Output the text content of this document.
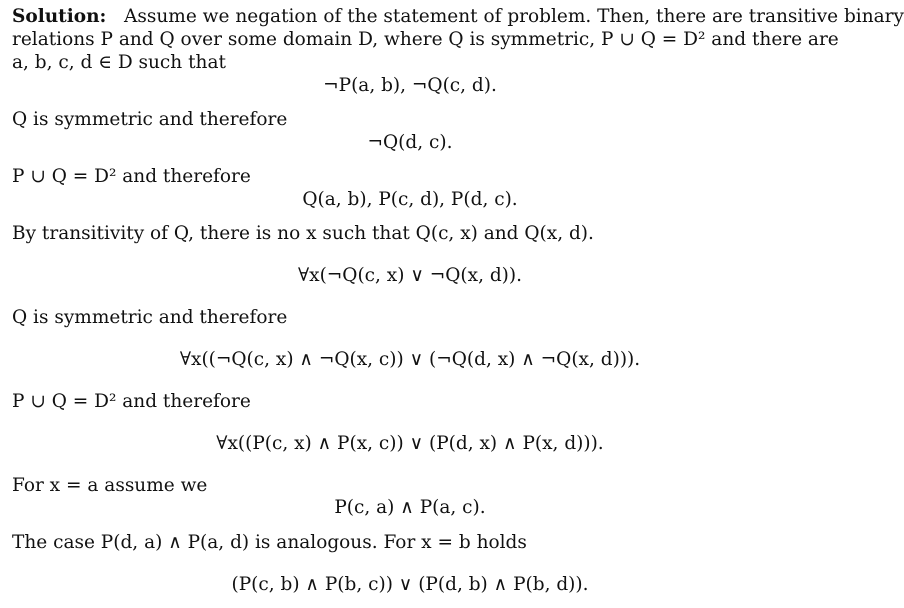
Solution: Assume we negation of the statement of problem. Then, there are transitive binary
relations P and Q over some domain D, where Q is symmetric, P ∪ Q = D² and there are
a, b, c, d ∈ D such that
¬P(a, b), ¬Q(c, d).
Q is symmetric and therefore
¬Q(d, c).
P ∪ Q = D² and therefore
Q(a, b), P(c, d), P(d, c).
By transitivity of Q, there is no x such that Q(c, x) and Q(x, d).
∀x(¬Q(c, x) ∨ ¬Q(x, d)).
Q is symmetric and therefore
∀x((¬Q(c, x) ∧ ¬Q(x, c)) ∨ (¬Q(d, x) ∧ ¬Q(x, d))).
P ∪ Q = D² and therefore
∀x((P(c, x) ∧ P(x, c)) ∨ (P(d, x) ∧ P(x, d))).
For x = a assume we
P(c, a) ∧ P(a, c).
The case P(d, a) ∧ P(a, d) is analogous. For x = b holds
(P(c, b) ∧ P(b, c)) ∨ (P(d, b) ∧ P(b, d)).
